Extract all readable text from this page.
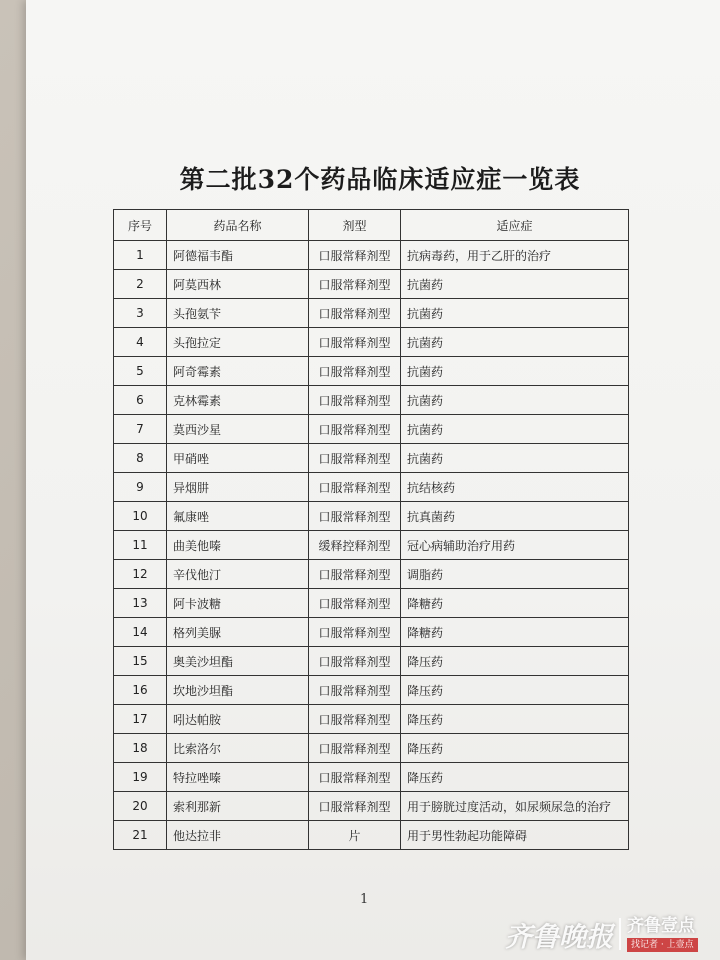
第二批32个药品临床适应症一览表
序号	药品名称	剂型	适应症
1	阿德福韦酯	口服常释剂型	抗病毒药，用于乙肝的治疗
2	阿莫西林	口服常释剂型	抗菌药
3	头孢氨苄	口服常释剂型	抗菌药
4	头孢拉定	口服常释剂型	抗菌药
5	阿奇霉素	口服常释剂型	抗菌药
6	克林霉素	口服常释剂型	抗菌药
7	莫西沙星	口服常释剂型	抗菌药
8	甲硝唑	口服常释剂型	抗菌药
9	异烟肼	口服常释剂型	抗结核药
10	氟康唑	口服常释剂型	抗真菌药
11	曲美他嗪	缓释控释剂型	冠心病辅助治疗用药
12	辛伐他汀	口服常释剂型	调脂药
13	阿卡波糖	口服常释剂型	降糖药
14	格列美脲	口服常释剂型	降糖药
15	奥美沙坦酯	口服常释剂型	降压药
16	坎地沙坦酯	口服常释剂型	降压药
17	吲达帕胺	口服常释剂型	降压药
18	比索洛尔	口服常释剂型	降压药
19	特拉唑嗪	口服常释剂型	降压药
20	索利那新	口服常释剂型	用于膀胱过度活动，如尿频尿急的治疗
21	他达拉非	片	用于男性勃起功能障碍
1
齐鲁晚报 齐鲁壹点
找记者 · 上壹点
